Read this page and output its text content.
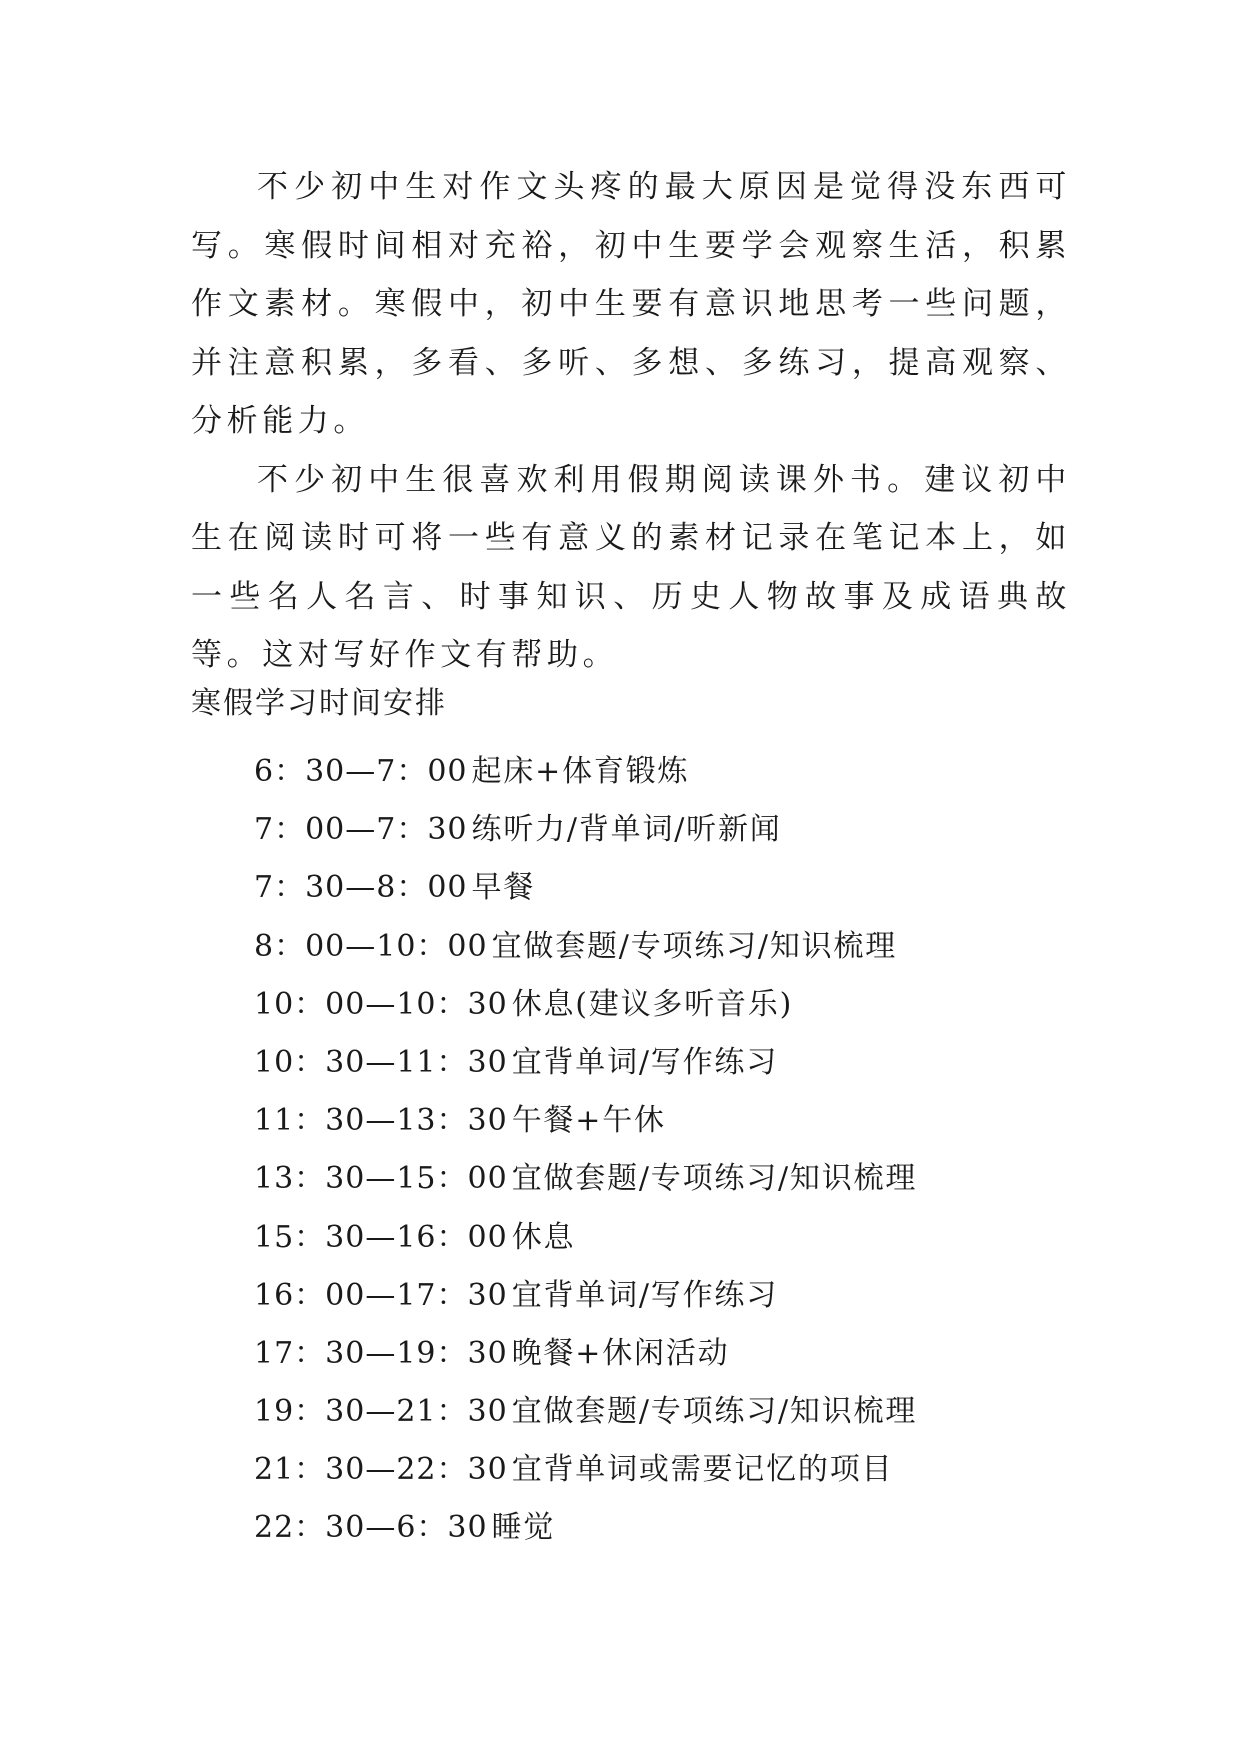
不少初中生对作文头疼的最大原因是觉得没东西可写。寒假时间相对充裕，初中生要学会观察生活，积累作文素材。寒假中，初中生要有意识地思考一些问题，并注意积累，多看、多听、多想、多练习，提高观察、分析能力。

不少初中生很喜欢利用假期阅读课外书。建议初中生在阅读时可将一些有意义的素材记录在笔记本上，如一些名人名言、时事知识、历史人物故事及成语典故等。这对写好作文有帮助。

寒假学习时间安排

6：30—7：00 起床+体育锻炼
7：00—7：30 练听力/背单词/听新闻
7：30—8：00 早餐
8：00—10：00 宜做套题/专项练习/知识梳理
10：00—10：30 休息(建议多听音乐)
10：30—11：30 宜背单词/写作练习
11：30—13：30 午餐+午休
13：30—15：00 宜做套题/专项练习/知识梳理
15：30—16：00 休息
16：00—17：30 宜背单词/写作练习
17：30—19：30 晚餐+休闲活动
19：30—21：30 宜做套题/专项练习/知识梳理
21：30—22：30 宜背单词或需要记忆的项目
22：30—6：30 睡觉
